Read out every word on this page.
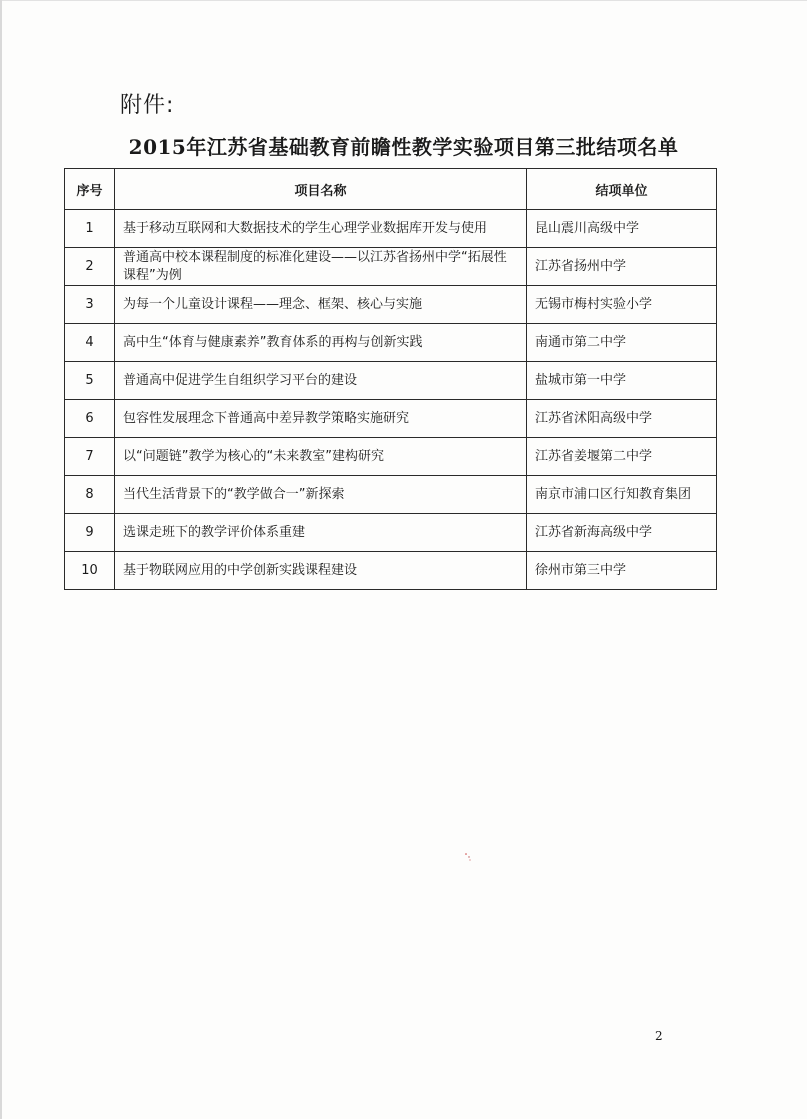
附件:
2015年江苏省基础教育前瞻性教学实验项目第三批结项名单
序号	项目名称	结项单位
1	基于移动互联网和大数据技术的学生心理学业数据库开发与使用	昆山震川高级中学
2	普通高中校本课程制度的标准化建设——以江苏省扬州中学“拓展性课程”为例	江苏省扬州中学
3	为每一个儿童设计课程——理念、框架、核心与实施	无锡市梅村实验小学
4	高中生“体育与健康素养”教育体系的再构与创新实践	南通市第二中学
5	普通高中促进学生自组织学习平台的建设	盐城市第一中学
6	包容性发展理念下普通高中差异教学策略实施研究	江苏省沭阳高级中学
7	以“问题链”教学为核心的“未来教室”建构研究	江苏省姜堰第二中学
8	当代生活背景下的“教学做合一”新探索	南京市浦口区行知教育集团
9	选课走班下的教学评价体系重建	江苏省新海高级中学
10	基于物联网应用的中学创新实践课程建设	徐州市第三中学
2
